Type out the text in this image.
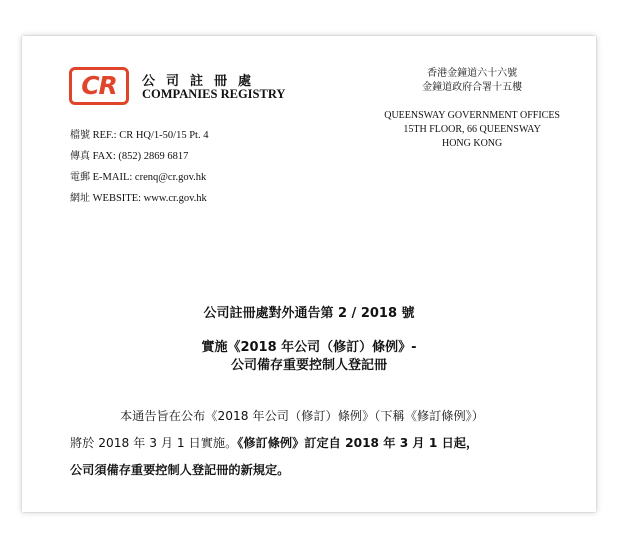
CR	公司註冊處
COMPANIES REGISTRY
香港金鐘道六十六號
金鐘道政府合署十五樓
QUEENSWAY GOVERNMENT OFFICES
15TH FLOOR, 66 QUEENSWAY
HONG KONG
檔號 REF.: CR HQ/1-50/15 Pt. 4
傳真 FAX: (852) 2869 6817
電郵 E-MAIL: crenq@cr.gov.hk
網址 WEBSITE: www.cr.gov.hk
公司註冊處對外通告第 2 / 2018 號
實施《2018 年公司（修訂）條例》-
公司備存重要控制人登記冊
本通告旨在公布《2018 年公司（修訂）條例》（下稱《修訂條例》）
將於 2018 年 3 月 1 日實施。《修訂條例》訂定自 2018 年 3 月 1 日起，
公司須備存重要控制人登記冊的新規定。
